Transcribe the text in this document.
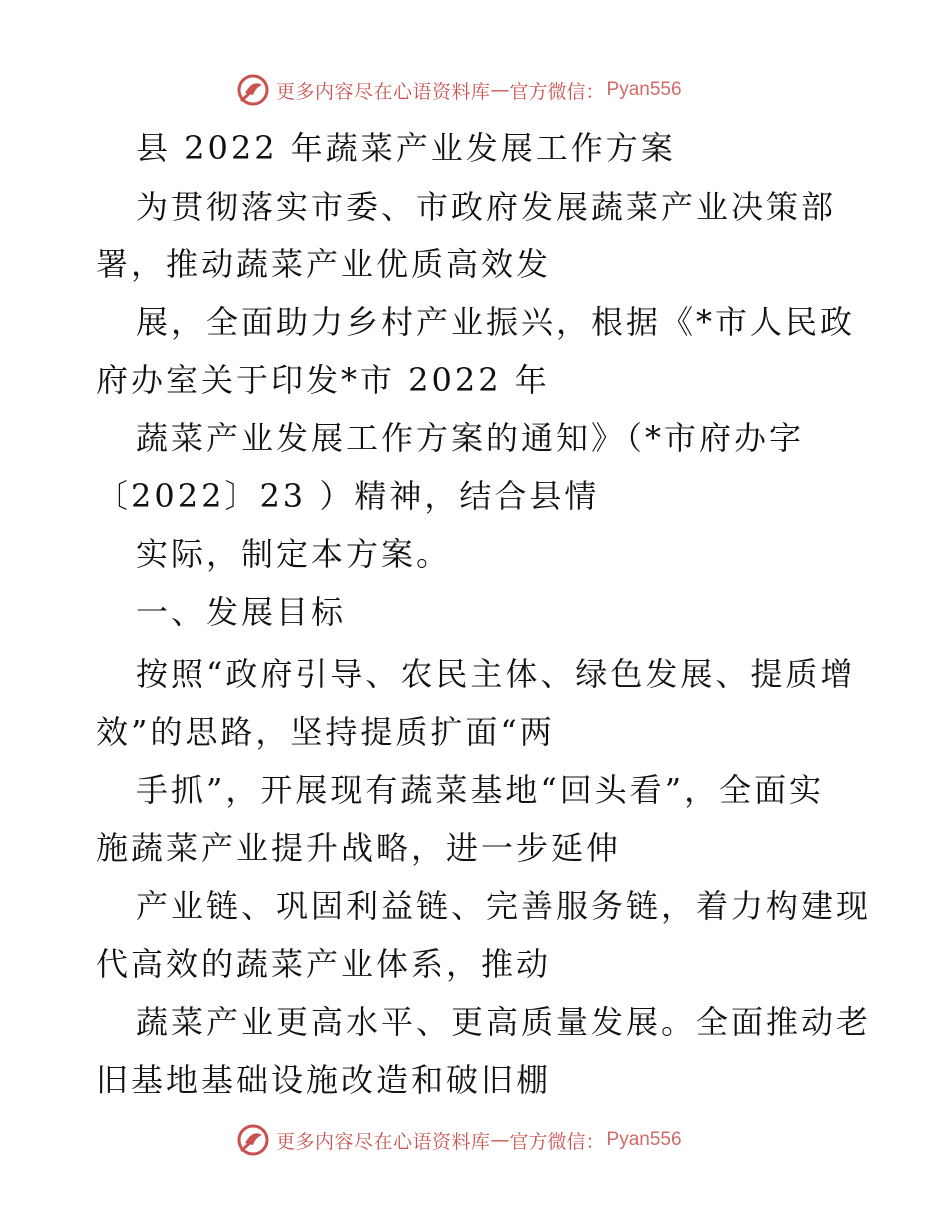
更多内容尽在心语资料库 — 官方微信： Pyan556
县 2022 年蔬菜产业发展工作方案
为贯彻落实市委、市政府发展蔬菜产业决策部
署，推动蔬菜产业优质高效发
展，全面助力乡村产业振兴，根据《*市人民政
府办室关于印发*市 2022 年
蔬菜产业发展工作方案的通知》（*市府办字
〔2022〕23 ）精神，结合县情
实际，制定本方案。
一、发展目标
按照“政府引导、农民主体、绿色发展、提质增
效”的思路，坚持提质扩面“两
手抓”，开展现有蔬菜基地“回头看”，全面实
施蔬菜产业提升战略，进一步延伸
产业链、巩固利益链、完善服务链，着力构建现
代高效的蔬菜产业体系，推动
蔬菜产业更高水平、更高质量发展。全面推动老
旧基地基础设施改造和破旧棚
更多内容尽在心语资料库 — 官方微信： Pyan556
